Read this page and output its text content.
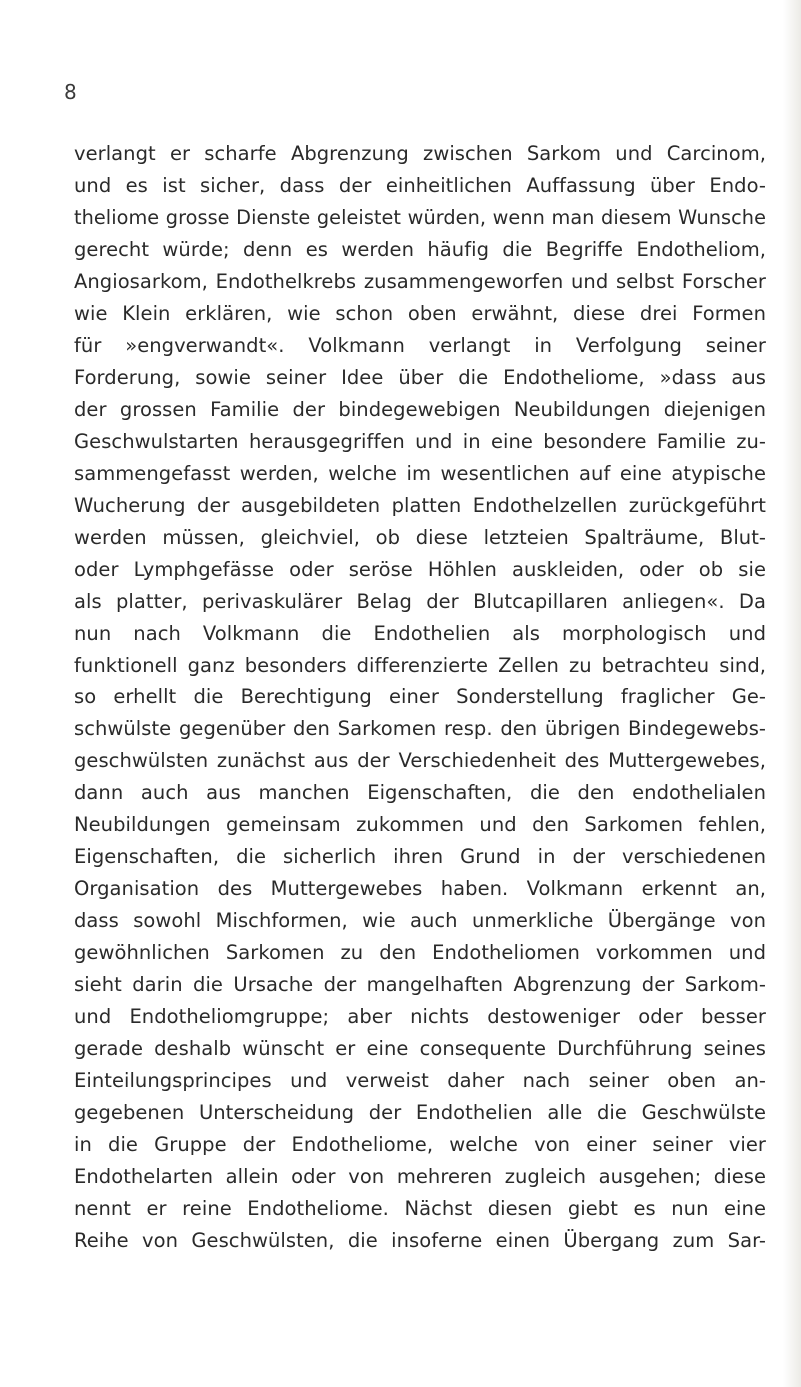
8
verlangt er scharfe Abgrenzung zwischen Sarkom und Carcinom,
und es ist sicher, dass der einheitlichen Auffassung über Endo-
theliome grosse Dienste geleistet würden, wenn man diesem Wunsche
gerecht würde; denn es werden häufig die Begriffe Endotheliom,
Angiosarkom, Endothelkrebs zusammengeworfen und selbst Forscher
wie Klein erklären, wie schon oben erwähnt, diese drei Formen
für »engverwandt«. Volkmann verlangt in Verfolgung seiner
Forderung, sowie seiner Idee über die Endotheliome, »dass aus
der grossen Familie der bindegewebigen Neubildungen diejenigen
Geschwulstarten herausgegriffen und in eine besondere Familie zu-
sammengefasst werden, welche im wesentlichen auf eine atypische
Wucherung der ausgebildeten platten Endothelzellen zurückgeführt
werden müssen, gleichviel, ob diese letzteien Spalträume, Blut-
oder Lymphgefässe oder seröse Höhlen auskleiden, oder ob sie
als platter, perivaskulärer Belag der Blutcapillaren anliegen«. Da
nun nach Volkmann die Endothelien als morphologisch und
funktionell ganz besonders differenzierte Zellen zu betrachteu sind,
so erhellt die Berechtigung einer Sonderstellung fraglicher Ge-
schwülste gegenüber den Sarkomen resp. den übrigen Bindegewebs-
geschwülsten zunächst aus der Verschiedenheit des Muttergewebes,
dann auch aus manchen Eigenschaften, die den endothelialen
Neubildungen gemeinsam zukommen und den Sarkomen fehlen,
Eigenschaften, die sicherlich ihren Grund in der verschiedenen
Organisation des Muttergewebes haben. Volkmann erkennt an,
dass sowohl Mischformen, wie auch unmerkliche Übergänge von
gewöhnlichen Sarkomen zu den Endotheliomen vorkommen und
sieht darin die Ursache der mangelhaften Abgrenzung der Sarkom-
und Endotheliomgruppe; aber nichts destoweniger oder besser
gerade deshalb wünscht er eine consequente Durchführung seines
Einteilungsprincipes und verweist daher nach seiner oben an-
gegebenen Unterscheidung der Endothelien alle die Geschwülste
in die Gruppe der Endotheliome, welche von einer seiner vier
Endothelarten allein oder von mehreren zugleich ausgehen; diese
nennt er reine Endotheliome. Nächst diesen giebt es nun eine
Reihe von Geschwülsten, die insoferne einen Übergang zum Sar-
